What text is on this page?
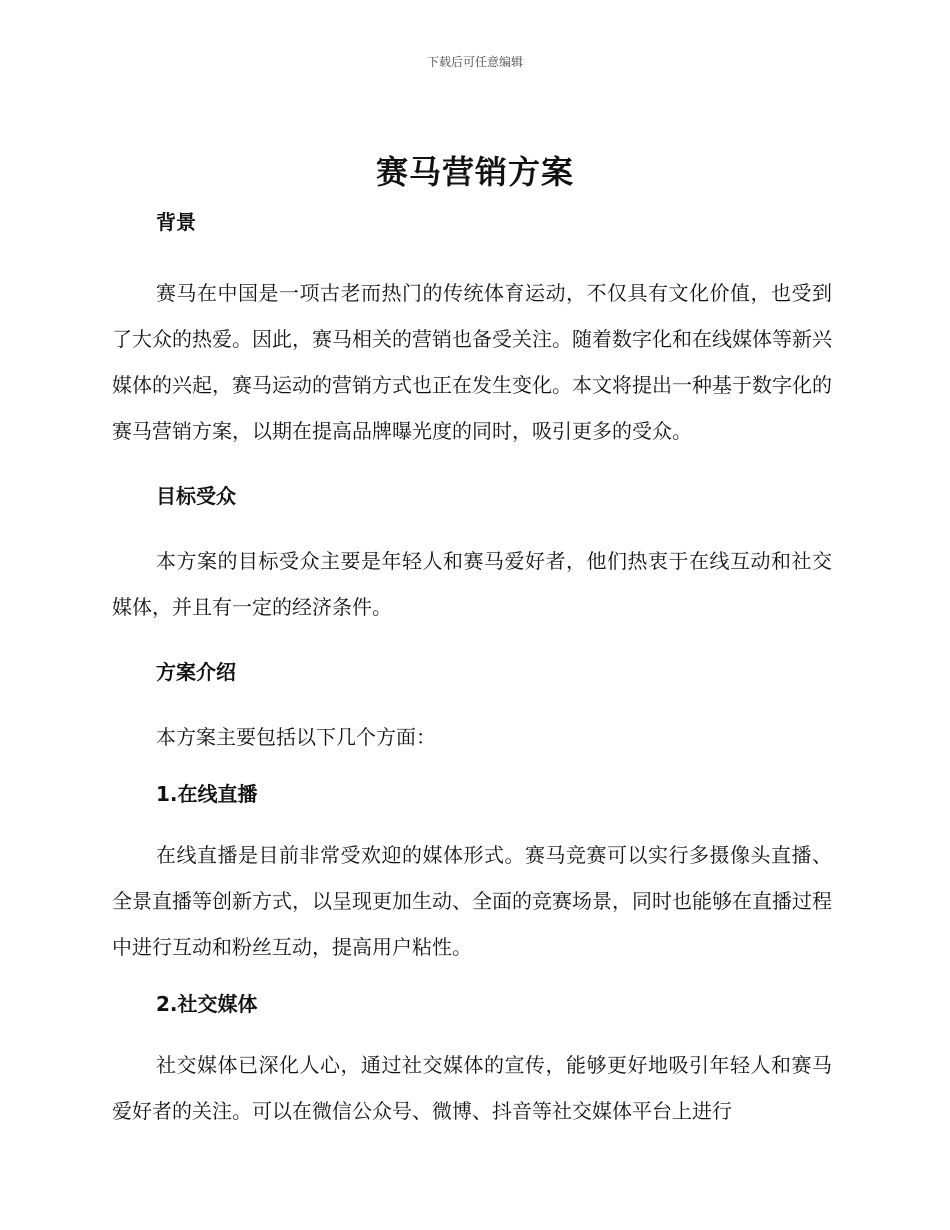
下载后可任意编辑
赛马营销方案
背景

赛马在中国是一项古老而热门的传统体育运动，不仅具有文化价值，也受到了大众的热爱。因此，赛马相关的营销也备受关注。随着数字化和在线媒体等新兴媒体的兴起，赛马运动的营销方式也正在发生变化。本文将提出一种基于数字化的赛马营销方案，以期在提高品牌曝光度的同时，吸引更多的受众。

目标受众

本方案的目标受众主要是年轻人和赛马爱好者，他们热衷于在线互动和社交媒体，并且有一定的经济条件。

方案介绍

本方案主要包括以下几个方面：

1.在线直播

在线直播是目前非常受欢迎的媒体形式。赛马竞赛可以实行多摄像头直播、全景直播等创新方式，以呈现更加生动、全面的竞赛场景，同时也能够在直播过程中进行互动和粉丝互动，提高用户粘性。

2.社交媒体

社交媒体已深化人心，通过社交媒体的宣传，能够更好地吸引年轻人和赛马爱好者的关注。可以在微信公众号、微博、抖音等社交媒体平台上进行
